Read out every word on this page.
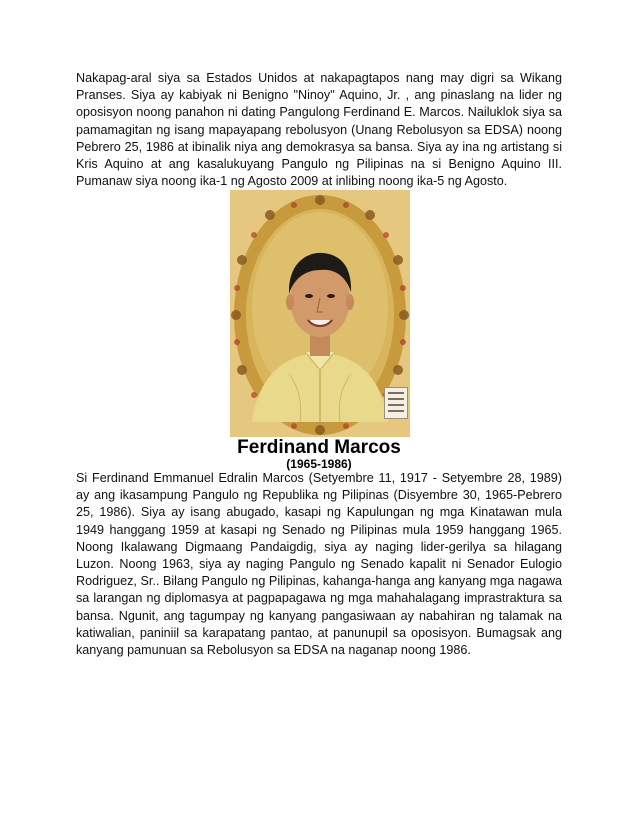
Nakapag-aral siya sa Estados Unidos at nakapagtapos nang may digri sa Wikang Pranses. Siya ay kabiyak ni Benigno "Ninoy" Aquino, Jr. , ang pinaslang na lider ng oposisyon noong panahon ni dating Pangulong Ferdinand E. Marcos. Nailuklok siya sa pamamagitan ng isang mapayapang rebolusyon (Unang Rebolusyon sa EDSA) noong Pebrero 25, 1986 at ibinalik niya ang demokrasya sa bansa. Siya ay ina ng artistang si Kris Aquino at ang kasalukuyang Pangulo ng Pilipinas na si Benigno Aquino III. Pumanaw siya noong ika-1 ng Agosto 2009 at inlibing noong ika-5 ng Agosto.

Ferdinand Marcos
(1965-1986)

Si Ferdinand Emmanuel Edralin Marcos (Setyembre 11, 1917 - Setyembre 28, 1989) ay ang ikasampung Pangulo ng Republika ng Pilipinas (Disyembre 30, 1965-Pebrero 25, 1986). Siya ay isang abugado, kasapi ng Kapulungan ng mga Kinatawan mula 1949 hanggang 1959 at kasapi ng Senado ng Pilipinas mula 1959 hanggang 1965. Noong Ikalawang Digmaang Pandaigdig, siya ay naging lider-gerilya sa hilagang Luzon. Noong 1963, siya ay naging Pangulo ng Senado kapalit ni Senador Eulogio Rodriguez, Sr.. Bilang Pangulo ng Pilipinas, kahanga-hanga ang kanyang mga nagawa sa larangan ng diplomasya at pagpapagawa ng mga mahahalagang imprastraktura sa bansa. Ngunit, ang tagumpay ng kanyang pangasiwaan ay nabahiran ng talamak na katiwalian, paniniil sa karapatang pantao, at panunupil sa oposisyon. Bumagsak ang kanyang pamunuan sa Rebolusyon sa EDSA na naganap noong 1986.
